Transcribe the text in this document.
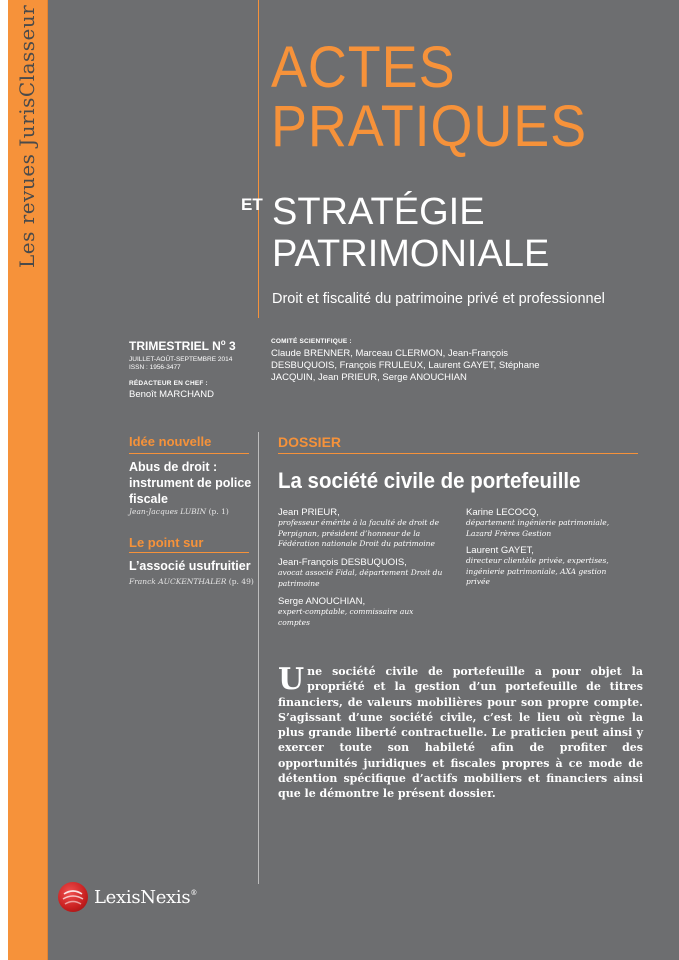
Les revues JurisClasseur	ACTES
PRATIQUES
ET STRATÉGIE
PATRIMONIALE
Droit et fiscalité du patrimoine privé et professionnel
TRIMESTRIEL $N^o$ 3
JUILLET-AOÛT-SEPTEMBRE 2014
ISSN : 1956-3477
RÉDACTEUR EN CHEF :
Benoît MARCHAND
COMITÉ SCIENTIFIQUE :
Claude BRENNER, Marceau CLERMON, Jean-François DESBUQUOIS, François FRULEUX, Laurent GAYET, Stéphane JACQUIN, Jean PRIEUR, Serge ANOUCHIAN
Idée nouvelle
Abus de droit : instrument de police fiscale
Jean-Jacques LUBIN (p. 1)
Le point sur
L’associé usufruitier
Franck AUCKENTHALER (p. 49)
DOSSIER
La société civile de portefeuille
Jean PRIEUR,
professeur émérite à la faculté de droit de Perpignan, président d’honneur de la Fédération nationale Droit du patrimoine
Jean-François DESBUQUOIS,
avocat associé Fidal, département Droit du patrimoine
Serge ANOUCHIAN,
expert-comptable, commissaire aux comptes
Karine LECOCQ,
département ingénierie patrimoniale, Lazard Frères Gestion
Laurent GAYET,
directeur clientèle privée, expertises, ingénierie patrimoniale, AXA gestion privée
Une société civile de portefeuille a pour objet la propriété et la gestion d’un portefeuille de titres financiers, de valeurs mobilières pour son propre compte. S’agissant d’une société civile, c’est le lieu où règne la plus grande liberté contractuelle. Le praticien peut ainsi y exercer toute son habileté afin de profiter des opportunités juridiques et fiscales propres à ce mode de détention spécifique d’actifs mobiliers et financiers ainsi que le démontre le présent dossier.
LexisNexis®
